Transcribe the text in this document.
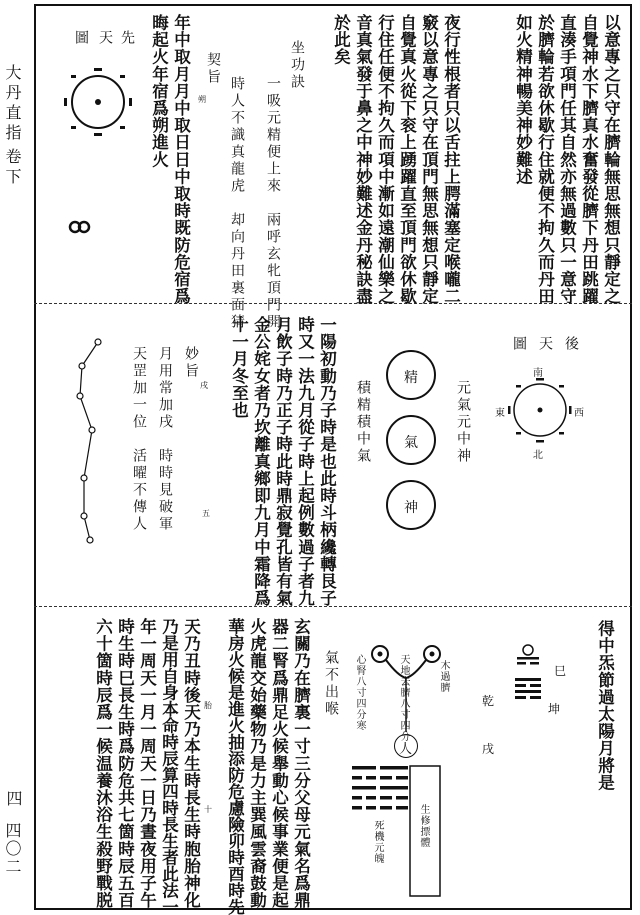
大丹直指
卷下
四
四〇二
以意專之只守在臍輪無思無想只靜定之
自覺神水下臍真水奮發從臍下丹田跳躍
直湊手項門任其自然亦無過數只一意守
於臍輪若欲休歇行住就便不拘久而丹田
如火精神暢美神妙難述
夜行性根者只以舌拄上腭滿塞定喉嚨二
竅以意專之只守在頂門無思無想只靜定
自覺真火從下衮上踴躍直至頂門欲休歇
行住任便不拘久而項中漸如遠潮仙樂之
音真氣發于鼻之中神妙難述金丹秘訣盡
於此矣
坐功訣
一吸元精便上來　兩呼玄牝頂門開
時人不識真龍虎　却向丹田裏面猜
契旨
年中取月月中取日日中取時既防危宿爲
晦起火年宿爲朔進火
先
天
圖
朔
後
天
圖
南
北
東	西
元氣元中神
精
氣
神
積精積中氣
一陽初動乃子時是也此時斗柄纔轉艮子
時又一法九月從子時上起例數過子者九
月飲子時乃正子時此時鼎寂覺孔皆有氣
金公姹女者乃坎離真鄉即九月中霜降爲
十一月冬至也
妙旨
月用常加戌　時時見破軍
天罡加一位　活曜不傳人	戌
五
得中炁節過太陽月將是
乾
巳
坤
戌
木過臍
天地去臍八寸四分
心腎八寸四分寒
人
生修摽體
死機元魄
氣不出喉
玄關乃在臍裏一寸三分父母元氣名爲鼎
器二腎爲鼎足火候舉動心候事業便是起
火虎龍交始藥物乃是力主巽風雲裔鼓動
華房火候是進火抽添防危慮險卯時酉時先
天乃丑時後天乃本生時長生時胞胎神化
乃是用自身本命時辰算四時長生者此法一
年一周天一月一周天一日乃晝夜用子午
時生時巳長生時爲防危共七箇時辰五百
六十箇時辰爲一候温養沐浴生殺野戰脱	胎
十
